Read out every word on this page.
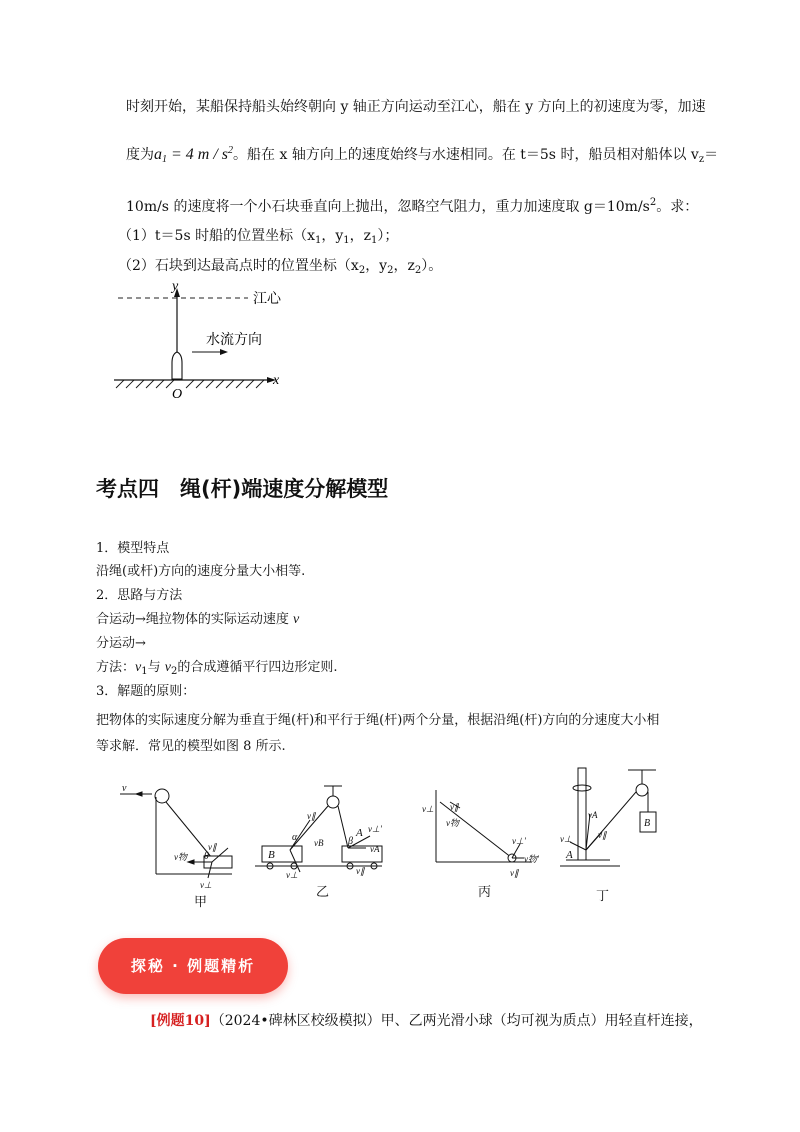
时刻开始，某船保持船头始终朝向 y 轴正方向运动至江心，船在 y 方向上的初速度为零，加速
度为$a_1 = 4$ m / $s^2$。船在 x 轴方向上的速度始终与水速相同。在 t＝5s 时，船员相对船体以 $v_z=$
10m/s 的速度将一个小石块垂直向上抛出，忽略空气阻力，重力加速度取 $g=10m/s^2$。求：
（1）t＝5s 时船的位置坐标（$x_1$，$y_1$，$z_1$）；
（2）石块到达最高点时的位置坐标（$x_2$，$y_2$，$z_2$）。
江心
y
x
O
水流方向
考点四　绳(杆)端速度分解模型
1．模型特点
沿绳(或杆)方向的速度分量大小相等.
2．思路与方法
合运动→绳拉物体的实际运动速度 v
分运动→
方法：$v_1$与 $v_2$的合成遵循平行四边形定则.
3．解题的原则：
把物体的实际速度分解为垂直于绳(杆)和平行于绳(杆)两个分量，根据沿绳(杆)方向的分速度大小相
等求解．常见的模型如图 8 所示.
v
v∥
θ
v物
v⊥
甲
v∥
α vB
v⊥
B
β
A v⊥'
vA
v∥
乙
v⊥ v∥
v物
v⊥'
v物'
v∥
丙
vA
v∥
A
B
v⊥
丁
探秘 · 例题精析
[例题10]（2024•碑林区校级模拟）甲、乙两光滑小球（均可视为质点）用轻直杆连接，
